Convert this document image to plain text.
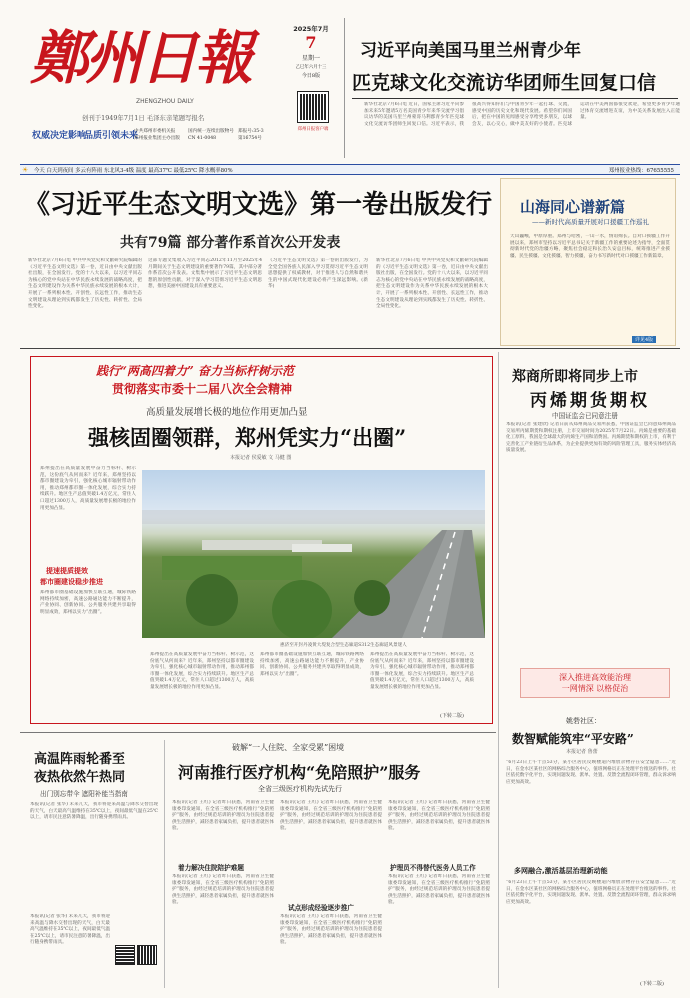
鄭州日報
ZHENGZHOU DAILY
创刊于1949年7月1日 毛泽东亲笔题写报名
权威决定影响
品质引领未来
中共郑州市委机关报
郑州报业集团主办出版
国内统一连续出版物号
CN 41-0048
郑报号:35-3
第16754号
2025年7月
7
星期一
乙巳年六月十三
今日8版
郑州日报客户端
习近平向美国马里兰州青少年
匹克球文化交流访华团师生回复口信
新华社北京7月6日电 近日，国家主席习近平向参加未来5年邀请5万名美国青少年来华交流学习倡议访华的美国马里兰州蒙哥马利郡青少年匹克球文化交流访华团师生回复口信。习近平表示，我很高兴得知你们与中国青少年一起打球、交流，感受中国的历史文化和现代发展。希望你们回国后，把在中国的见闻感受分享给更多朋友，以球会友，以心交心，做中美友好的小使者。匹克球运动在中美两国都很受欢迎，希望更多青少年通过体育交流增进友谊，为中美关系发展注入正能量。
☀ 今天 白天到夜间 多云有阵雨 东北风3-4级 温度 最高37℃ 最低25℃ 降水概率80%	郑州报业热线：67655555
《习近平生态文明文选》第一卷出版发行
共有79篇 部分著作系首次公开发表
新华社北京7月6日电 中共中央党史和文献研究院编辑的《习近平生态文明文选》第一卷，近日由中央文献出版社出版，在全国发行。党的十八大以来，以习近平同志为核心的党中央站在中华民族永续发展的战略高度，把生态文明建设作为关系中华民族永续发展的根本大计，开展了一系列根本性、开创性、长远性工作，推动生态文明建设从理论到实践都发生了历史性、转折性、全局性变化。
这部专题文集收入习近平同志2012年11月至2025年4月期间关于生态文明建设的重要著作79篇，其中部分著作系首次公开发表。文集集中展示了习近平生态文明思想的原创性贡献，对于深入学习贯彻习近平生态文明思想，推进美丽中国建设具有重要意义。
《习近平生态文明文选》第一卷的出版发行，为全党全国各族人民深入学习贯彻习近平生态文明思想提供了权威教材，对于推进人与自然和谐共生的中国式现代化建设必将产生深远影响。(新华)
新华社北京7月6日电 中共中央党史和文献研究院编辑的《习近平生态文明文选》第一卷，近日由中央文献出版社出版，在全国发行。党的十八大以来，以习近平同志为核心的党中央站在中华民族永续发展的战略高度，把生态文明建设作为关系中华民族永续发展的根本大计，开展了一系列根本性、开创性、长远性工作，推动生态文明建设从理论到实践都发生了历史性、转折性、全局性变化。
山海同心谱新篇
——新时代高质量开展对口援疆工作巡礼
天山巍峨，中原厚重。郑州与哈密，一山一水，情谊绵长。自对口援疆工作开展以来，郑州市坚持以习近平总书记关于新疆工作的重要论述为指导，全面贯彻新时代党的治疆方略，聚焦社会稳定和长治久安总目标，统筹推进产业援疆、民生援疆、文化援疆、智力援疆，奋力书写新时代对口援疆工作新篇章。
详见4版
践行“两高四着力” 奋力当标杆树示范
贯彻落实市委十二届八次全会精神
高质量发展增长极的地位作用更加凸显
强核固圈领群，郑州凭实力“出圈”
本报记者 侯爱敏 文 马健 图
郑州提出在高质量发展中奋力当标杆、树示范，这份底气从何而来？近年来，郑州坚持以都市圈建设为牵引，强化核心城市辐射带动作用，推动郑州都市圈一体化发展，综合实力持续跃升。地区生产总值突破1.4万亿元，常住人口超过1300万人，高质量发展增长极的地位作用更加凸显。
提速提质提效
都市圈建设稳步推进
郑州都市圈基础设施加快互联互通，城际铁路网络持续加密，高速公路通达能力不断提升，产业协同、创新协同、公共服务共建共享取得明显成效，郑州以实力“出圈”。
惠济至开封丹凌黄大堤复合型生态廊道S312生态廊道风景迷人
郑州提出在高质量发展中奋力当标杆、树示范，这份底气从何而来？近年来，郑州坚持以都市圈建设为牵引，强化核心城市辐射带动作用，推动郑州都市圈一体化发展，综合实力持续跃升。地区生产总值突破1.4万亿元，常住人口超过1300万人，高质量发展增长极的地位作用更加凸显。
郑州都市圈基础设施加快互联互通，城际铁路网络持续加密，高速公路通达能力不断提升，产业协同、创新协同、公共服务共建共享取得明显成效，郑州以实力“出圈”。
郑州提出在高质量发展中奋力当标杆、树示范，这份底气从何而来？近年来，郑州坚持以都市圈建设为牵引，强化核心城市辐射带动作用，推动郑州都市圈一体化发展，综合实力持续跃升。地区生产总值突破1.4万亿元，常住人口超过1300万人，高质量发展增长极的地位作用更加凸显。
(下转二版)
郑商所即将同步上市
丙烯期货期权
中国证监会已同意注册
本报讯(记者 张建欣) 记者日前从郑州商品交易所获悉，中国证监会已同意郑州商品交易所丙烯期货和期权注册，上市交易时间为2025年7月22日。丙烯是重要的基础化工原料，我国是全球最大的丙烯生产国和消费国。丙烯期货和期权的上市，有利于完善化工产业链衍生品体系，为企业提供更加有效的风险管理工具，服务实体经济高质量发展。
深入推进高效能治理
一网情深 以格促治
姚砦社区：
数智赋能筑牢“平安路”
本报记者 鲁蕾
“6月23日上午十点53分，某小区居民反映楼道内堆放杂物存在安全隐患……”近日，在金水区某社区的网格综合服务中心，值班网格员正在处理平台推送的事件。社区依托数字化平台，实现问题发现、派单、处置、反馈全流程闭环管理，群众诉求响应更加高效。
多网融合,激活基层治理新动能
“6月23日上午十点53分，某小区居民反映楼道内堆放杂物存在安全隐患……”近日，在金水区某社区的网格综合服务中心，值班网格员正在处理平台推送的事件。社区依托数字化平台，实现问题发现、派单、处置、反馈全流程闭环管理，群众诉求响应更加高效。
(下转二版)
高温阵雨轮番至
夜热依然午热同
出门别忘带伞 遮阳补能当指南
本报讯(记者 张华) 未来几天，我市将迎来高温与降水交替出现的天气，白天最高气温维持在35℃以上，夜间最低气温在25℃以上，请市民注意防暑降温，出行随身携带雨具。
本报讯(记者 张华) 未来几天，我市将迎来高温与降水交替出现的天气，白天最高气温维持在35℃以上，夜间最低气温在25℃以上，请市民注意防暑降温，出行随身携带雨具。
破解“一人住院、全家受累”困境
河南推行医疗机构“免陪照护”服务
全省三级医疗机构先试先行
本报讯(记者 王红) 记者昨日获悉，河南省卫生健康委印发通知，在全省三级医疗机构推行“免陪照护”服务，由经过规范培训的护理员为住院患者提供生活照护，减轻患者家属负担，提升患者就医体验。
着力解决住院陪护难题
本报讯(记者 王红) 记者昨日获悉，河南省卫生健康委印发通知，在全省三级医疗机构推行“免陪照护”服务，由经过规范培训的护理员为住院患者提供生活照护，减轻患者家属负担，提升患者就医体验。
本报讯(记者 王红) 记者昨日获悉，河南省卫生健康委印发通知，在全省三级医疗机构推行“免陪照护”服务，由经过规范培训的护理员为住院患者提供生活照护，减轻患者家属负担，提升患者就医体验。
试点形成经验逐步推广
本报讯(记者 王红) 记者昨日获悉，河南省卫生健康委印发通知，在全省三级医疗机构推行“免陪照护”服务，由经过规范培训的护理员为住院患者提供生活照护，减轻患者家属负担，提升患者就医体验。
本报讯(记者 王红) 记者昨日获悉，河南省卫生健康委印发通知，在全省三级医疗机构推行“免陪照护”服务，由经过规范培训的护理员为住院患者提供生活照护，减轻患者家属负担，提升患者就医体验。
护理员不得替代医务人员工作
本报讯(记者 王红) 记者昨日获悉，河南省卫生健康委印发通知，在全省三级医疗机构推行“免陪照护”服务，由经过规范培训的护理员为住院患者提供生活照护，减轻患者家属负担，提升患者就医体验。
